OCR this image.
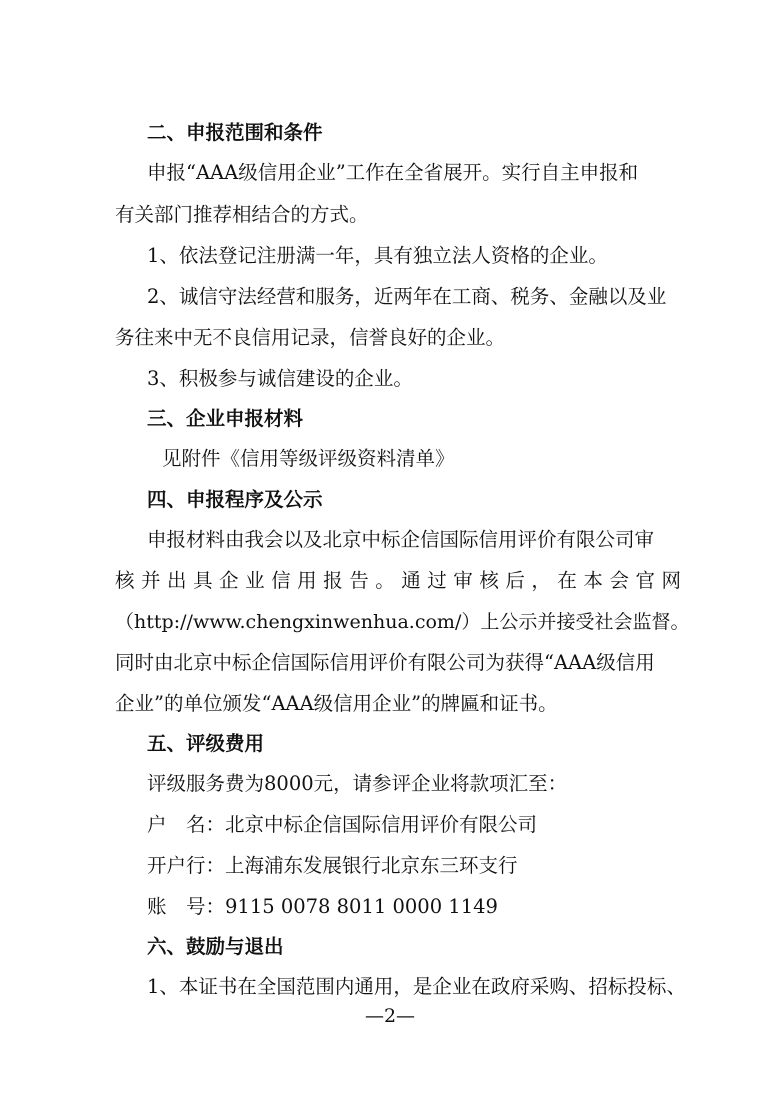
二、申报范围和条件
申报“AAA级信用企业”工作在全省展开。实行自主申报和
有关部门推荐相结合的方式。
1、依法登记注册满一年，具有独立法人资格的企业。
2、诚信守法经营和服务，近两年在工商、税务、金融以及业
务往来中无不良信用记录，信誉良好的企业。
3、积极参与诚信建设的企业。
三、企业申报材料
见附件《信用等级评级资料清单》
四、申报程序及公示
申报材料由我会以及北京中标企信国际信用评价有限公司审
核并出具企业信用报告。通过审核后，在本会官网
（http://www.chengxinwenhua.com/）上公示并接受社会监督。
同时由北京中标企信国际信用评价有限公司为获得“AAA级信用
企业”的单位颁发“AAA级信用企业”的牌匾和证书。
五、评级费用
评级服务费为8000元，请参评企业将款项汇至：
户　名：北京中标企信国际信用评价有限公司
开户行：上海浦东发展银行北京东三环支行
账　号：9115 0078 8011 0000 1149
六、鼓励与退出
1、本证书在全国范围内通用，是企业在政府采购、招标投标、
—2—
